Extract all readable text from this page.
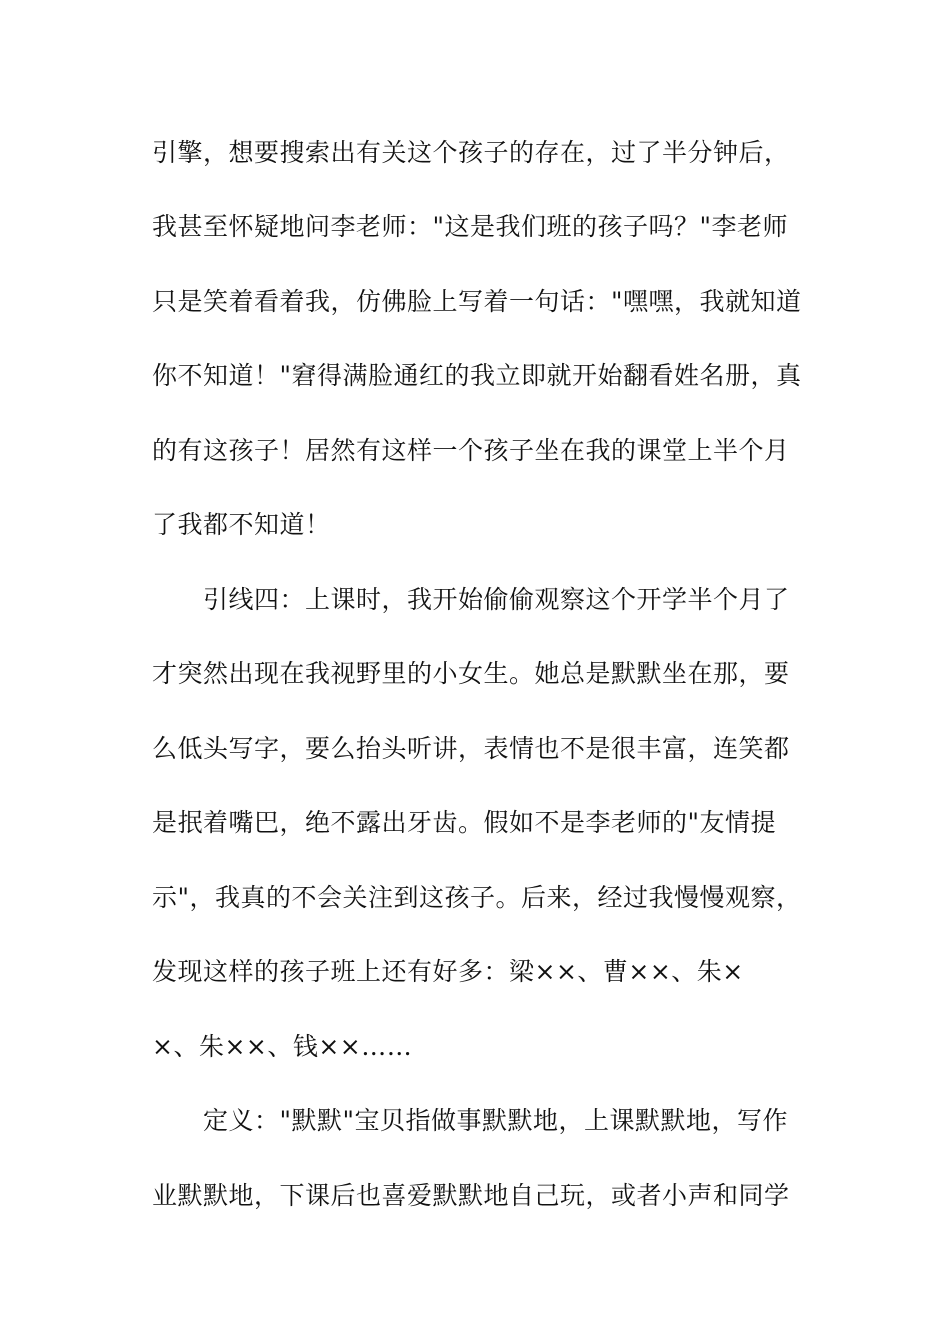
引擎，想要搜索出有关这个孩子的存在，过了半分钟后，
我甚至怀疑地问李老师："这是我们班的孩子吗？"李老师
只是笑着看着我，仿佛脸上写着一句话："嘿嘿，我就知道
你不知道！"窘得满脸通红的我立即就开始翻看姓名册，真
的有这孩子！居然有这样一个孩子坐在我的课堂上半个月
了我都不知道！
　　引线四：上课时，我开始偷偷观察这个开学半个月了
才突然出现在我视野里的小女生。她总是默默坐在那，要
么低头写字，要么抬头听讲，表情也不是很丰富，连笑都
是抿着嘴巴，绝不露出牙齿。假如不是李老师的"友情提
示"，我真的不会关注到这孩子。后来，经过我慢慢观察，
发现这样的孩子班上还有好多：梁××、曹××、朱×
×、朱××、钱××……
　　定义："默默"宝贝指做事默默地，上课默默地，写作
业默默地，下课后也喜爱默默地自己玩，或者小声和同学
